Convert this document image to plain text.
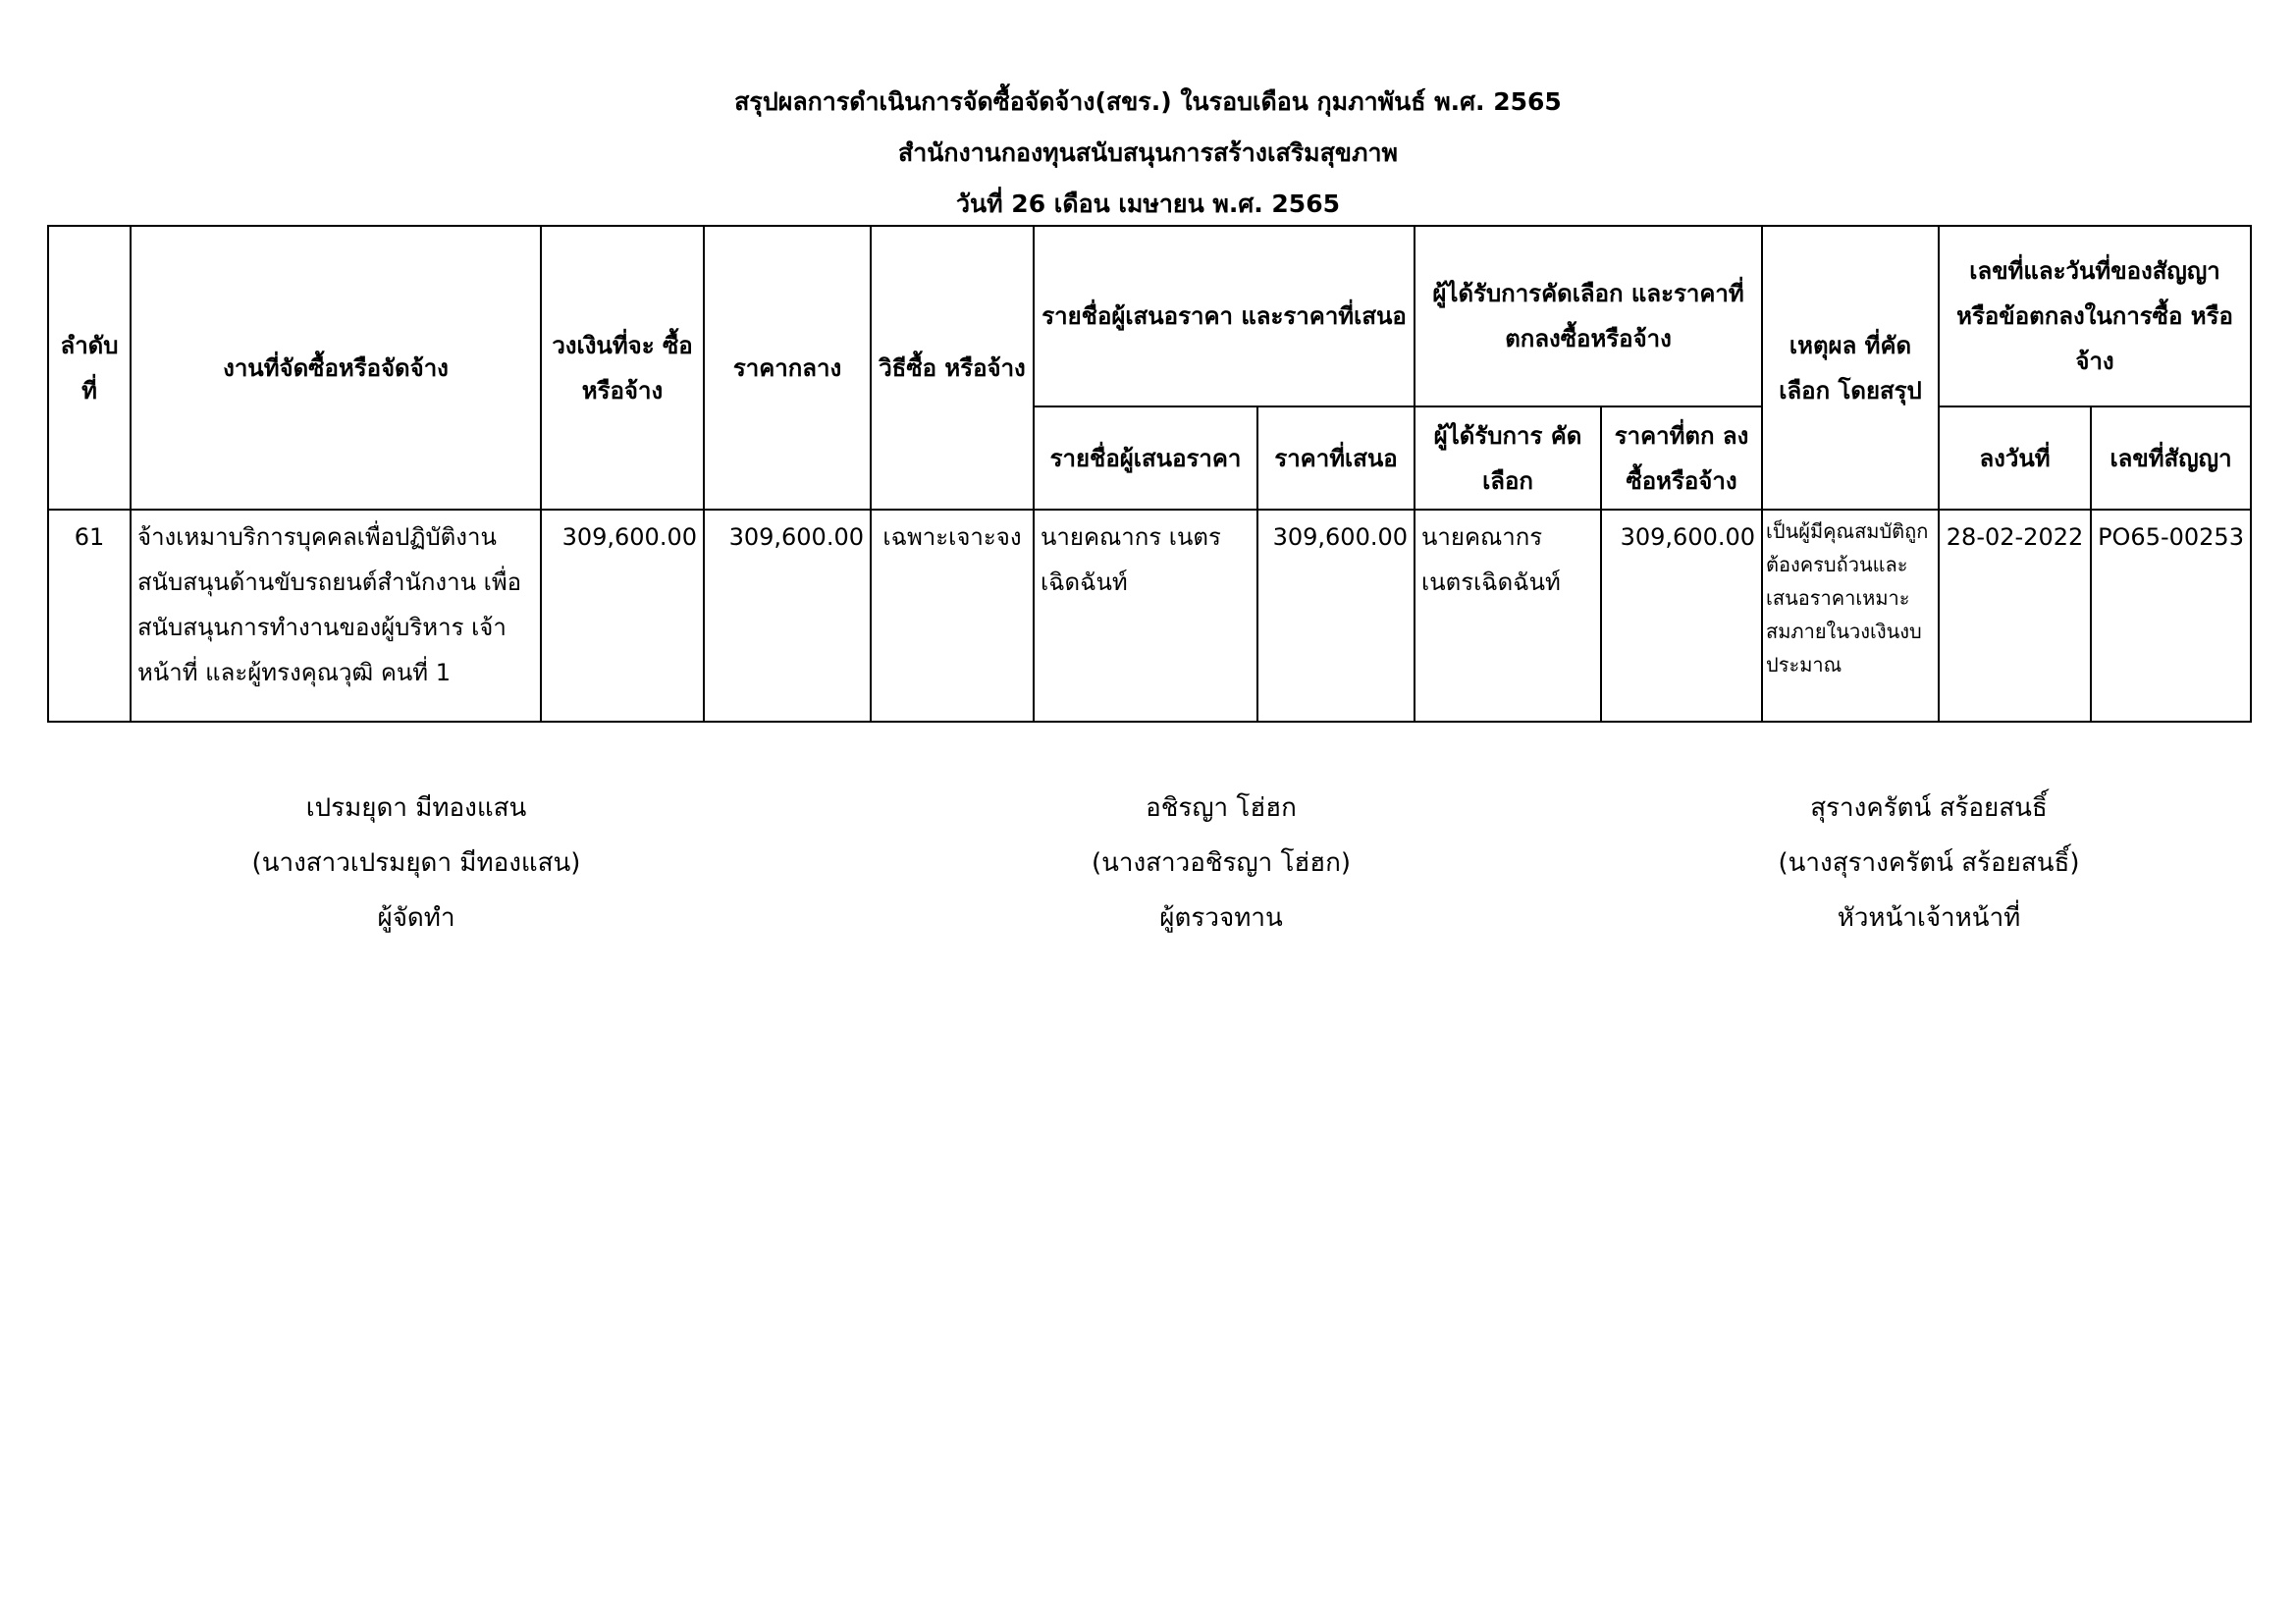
สรุปผลการดำเนินการจัดซื้อจัดจ้าง(สขร.) ในรอบเดือน กุมภาพันธ์ พ.ศ. 2565
สำนักงานกองทุนสนับสนุนการสร้างเสริมสุขภาพ
วันที่ 26 เดือน เมษายน พ.ศ. 2565
ลำดับ ที่	งานที่จัดซื้อหรือจัดจ้าง	วงเงินที่จะ ซื้อหรือจ้าง	ราคากลาง	วิธีซื้อ หรือจ้าง	รายชื่อผู้เสนอราคา และราคาที่เสนอ		ผู้ได้รับการคัดเลือก และราคาที่ตกลงซื้อหรือจ้าง		เหตุผล ที่คัดเลือก โดยสรุป	เลขที่และวันที่ของสัญญา หรือข้อตกลงในการซื้อ หรือจ้าง	
					รายชื่อผู้เสนอราคา	ราคาที่เสนอ	ผู้ได้รับการ คัดเลือก	ราคาที่ตก ลงซื้อหรือจ้าง		ลงวันที่	เลขที่สัญญา
61	จ้างเหมาบริการบุคคลเพื่อปฏิบัติงานสนับสนุนด้านขับรถยนต์สำนักงาน เพื่อสนับสนุนการทำงานของผู้บริหาร เจ้าหน้าที่ และผู้ทรงคุณวุฒิ คนที่ 1	309,600.00	309,600.00	เฉพาะเจาะจง	นายคณากร เนตรเฉิดฉันท์	309,600.00	นายคณากร เนตรเฉิดฉันท์	309,600.00	เป็นผู้มีคุณสมบัติถูกต้องครบถ้วนและเสนอราคาเหมาะสมภายในวงเงินงบประมาณ	28-02-2022	PO65-00253
เปรมยุดา มีทองแสน
(นางสาวเปรมยุดา มีทองแสน)
ผู้จัดทำ
อชิรญา โฮ่ฮก
(นางสาวอชิรญา โฮ่ฮก)
ผู้ตรวจทาน
สุรางครัตน์ สร้อยสนธิ์
(นางสุรางครัตน์ สร้อยสนธิ์)
หัวหน้าเจ้าหน้าที่
